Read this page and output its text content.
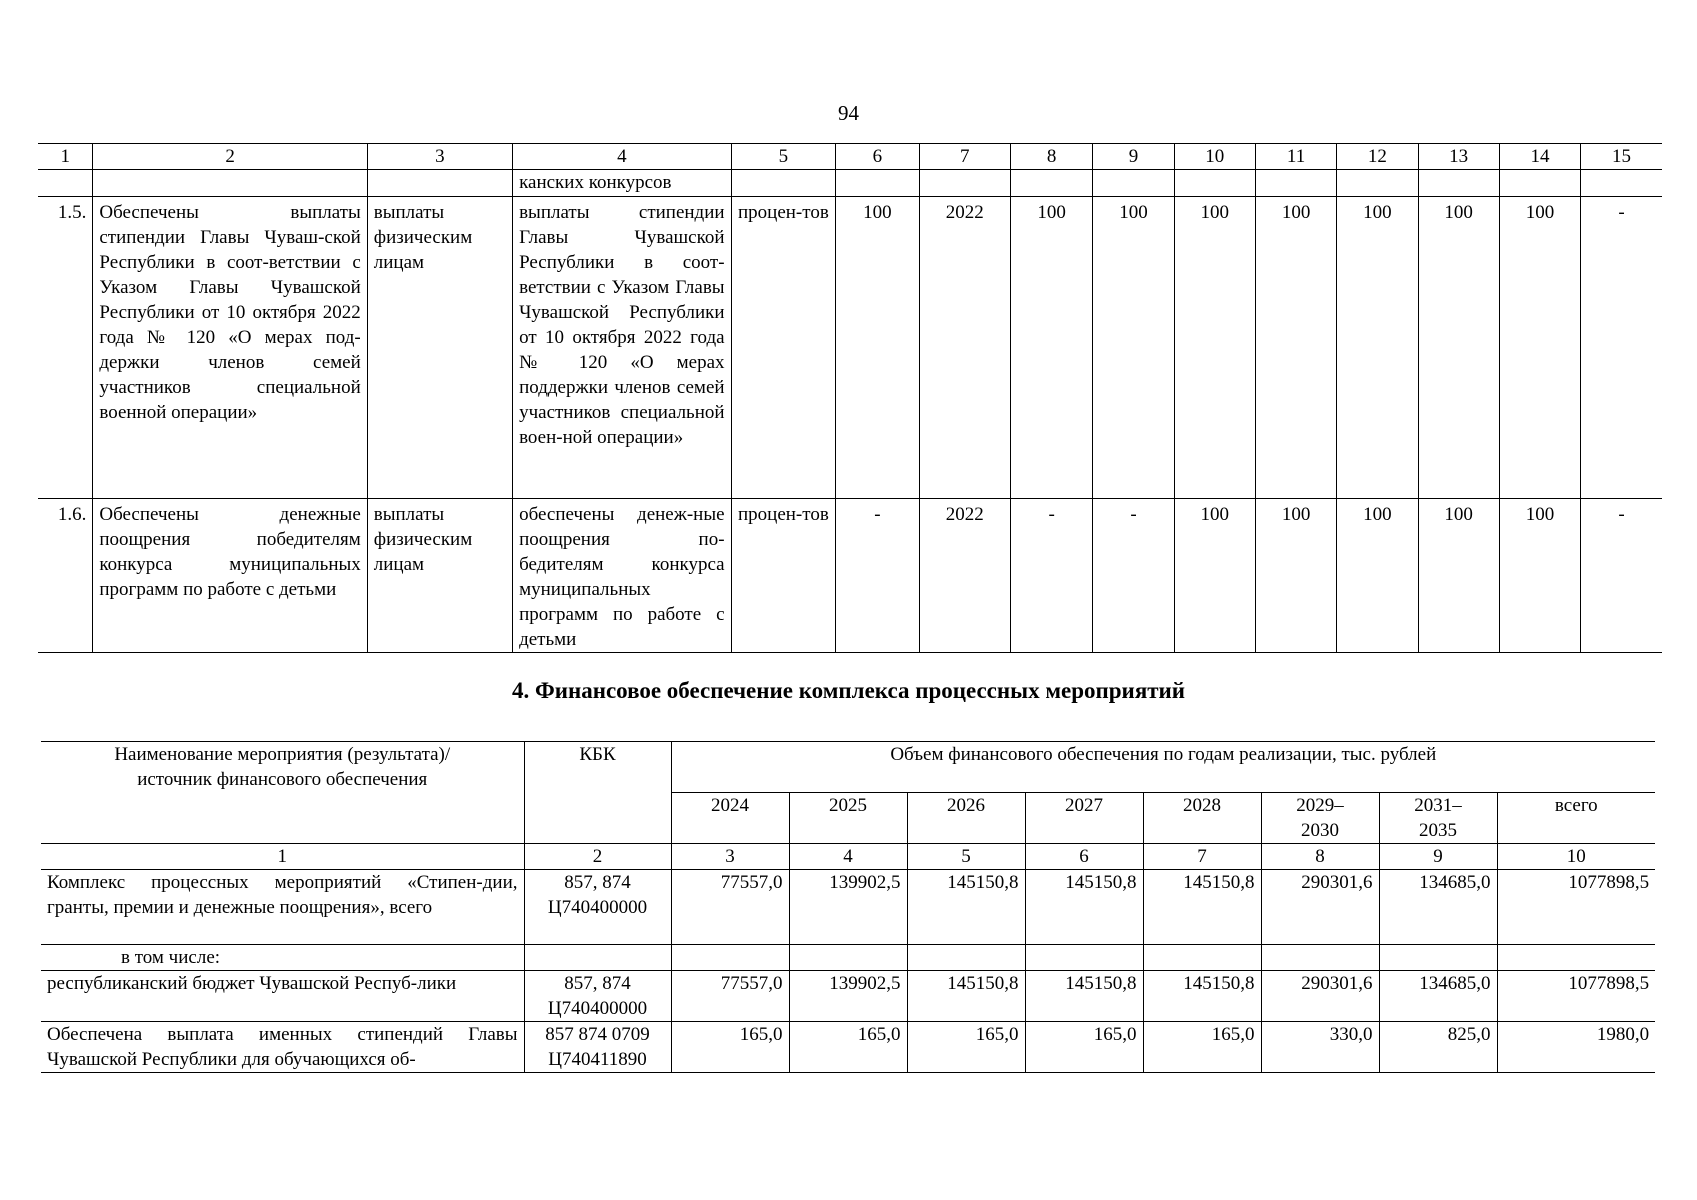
94
1	2	3	4	5	6	7	8	9	10	11	12	13	14	15
			канских конкурсов											
1.5.	Обеспечены выплаты стипендии Главы Чуваш-ской Республики в соот-ветствии с Указом Главы Чувашской Республики от 10 октября 2022 года № 120 «О мерах под-держки членов семей участников специальной военной операции»	выплаты физическим лицам	выплаты стипендии Главы Чувашской Республики в соот-ветствии с Указом Главы Чувашской Республики от 10 октября 2022 года № 120 «О мерах поддержки членов семей участников специальной воен-ной операции»	процен-тов	100	2022	100	100	100	100	100	100	100	-
1.6.	Обеспечены денежные поощрения победителям конкурса муниципальных программ по работе с детьми	выплаты физическим лицам	обеспечены денеж-ные поощрения по-бедителям конкурса муниципальных программ по работе с детьми	процен-тов	-	2022	-	-	100	100	100	100	100	-
4. Финансовое обеспечение комплекса процессных мероприятий
Наименование мероприятия (результата)/источник финансового обеспечения	КБК	Объем финансового обеспечения по годам реализации, тыс. рублей							
		2024	2025	2026	2027	2028	2029–2030	2031–2035	всего
1	2	3	4	5	6	7	8	9	10
Комплекс процессных мероприятий «Стипен-дии, гранты, премии и денежные поощрения», всего	857, 874 Ц740400000	77557,0	139902,5	145150,8	145150,8	145150,8	290301,6	134685,0	1077898,5
в том числе:									
республиканский бюджет Чувашской Респуб-лики	857, 874 Ц740400000	77557,0	139902,5	145150,8	145150,8	145150,8	290301,6	134685,0	1077898,5
Обеспечена выплата именных стипендий Главы Чувашской Республики для обучающихся об-	857 874 0709 Ц740411890	165,0	165,0	165,0	165,0	165,0	330,0	825,0	1980,0
